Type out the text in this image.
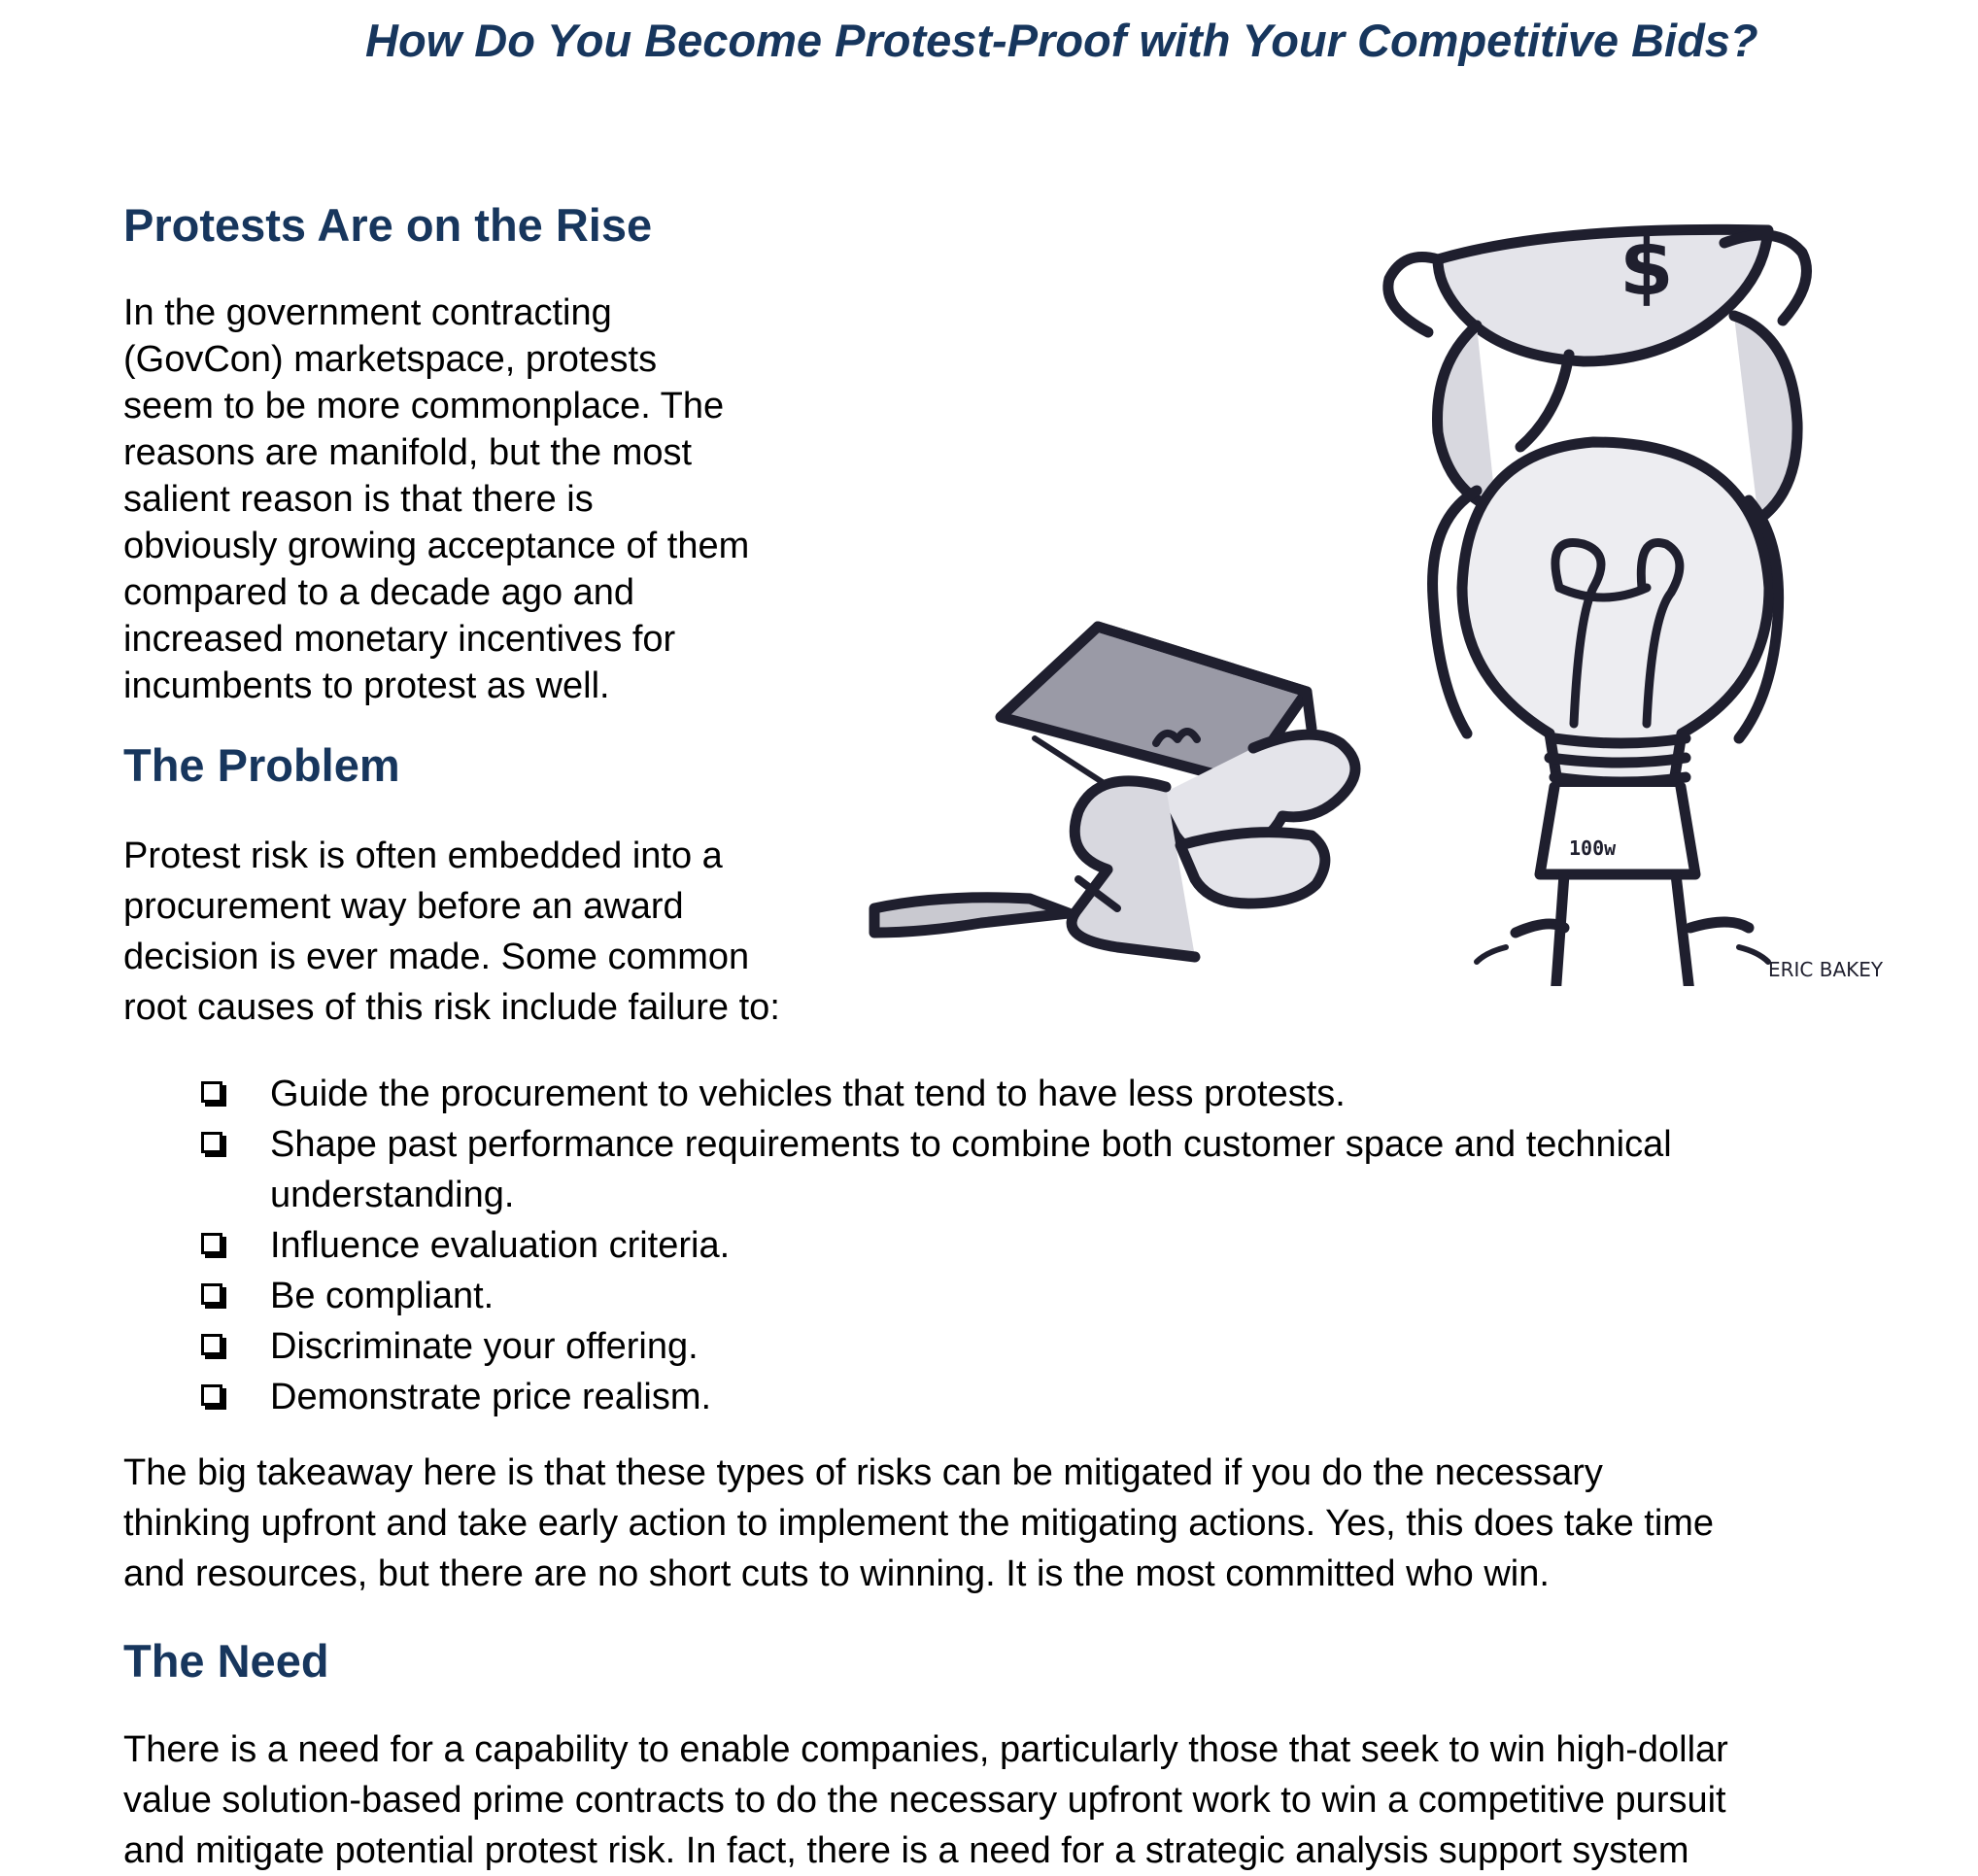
How Do You Become Protest-Proof with Your Competitive Bids?
Protests Are on the Rise
In the government contracting
(GovCon) marketspace, protests
seem to be more commonplace. The
reasons are manifold, but the most
salient reason is that there is
obviously growing acceptance of them
compared to a decade ago and
increased monetary incentives for
incumbents to protest as well.
The Problem
Protest risk is often embedded into a
procurement way before an award
decision is ever made. Some common
root causes of this risk include failure to:
Guide the procurement to vehicles that tend to have less protests.
Shape past performance requirements to combine both customer space and technical understanding.
Influence evaluation criteria.
Be compliant.
Discriminate your offering.
Demonstrate price realism.
The big takeaway here is that these types of risks can be mitigated if you do the necessary
thinking upfront and take early action to implement the mitigating actions. Yes, this does take time
and resources, but there are no short cuts to winning. It is the most committed who win.
The Need
There is a need for a capability to enable companies, particularly those that seek to win high-dollar
value solution-based prime contracts to do the necessary upfront work to win a competitive pursuit
and mitigate potential protest risk. In fact, there is a need for a strategic analysis support system
$
100w
ERIC BAKEY
